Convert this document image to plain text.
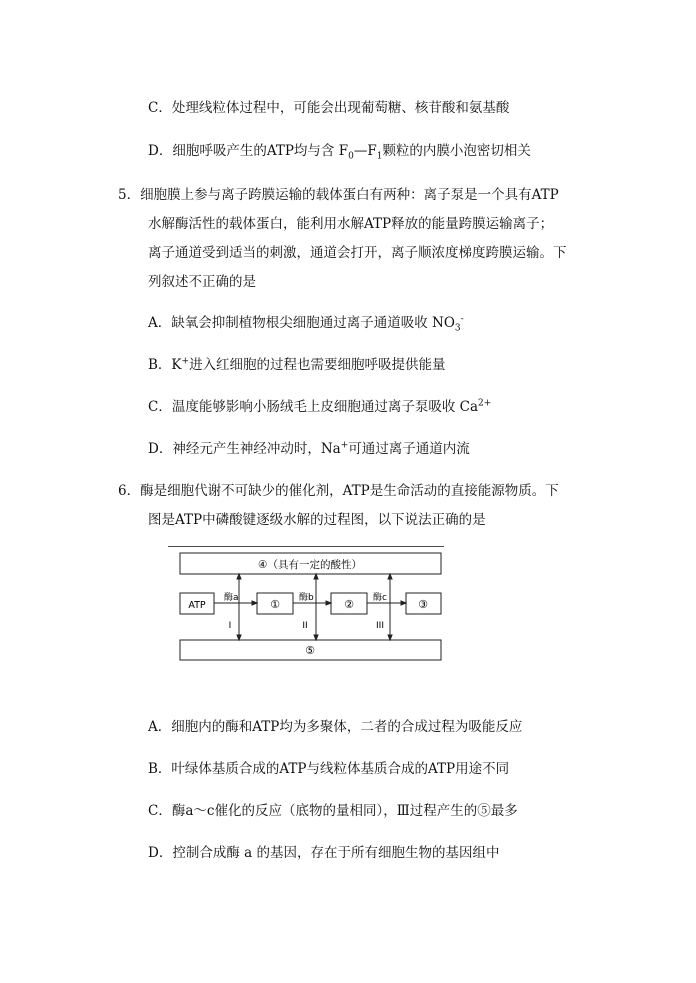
C．处理线粒体过程中，可能会出现葡萄糖、核苷酸和氨基酸
D．细胞呼吸产生的ATP均与含 $F_0—F_1$颗粒的内膜小泡密切相关
5．细胞膜上参与离子跨膜运输的载体蛋白有两种：离子泵是一个具有ATP
水解酶活性的载体蛋白，能利用水解ATP释放的能量跨膜运输离子；
离子通道受到适当的刺激，通道会打开，离子顺浓度梯度跨膜运输。下
列叙述不正确的是
A．缺氧会抑制植物根尖细胞通过离子通道吸收 $NO_3^-$
B．K+进入红细胞的过程也需要细胞呼吸提供能量
C．温度能够影响小肠绒毛上皮细胞通过离子泵吸收 $Ca^{2+}$
D．神经元产生神经冲动时，Na+可通过离子通道内流
6．酶是细胞代谢不可缺少的催化剂，ATP是生命活动的直接能源物质。下
图是ATP中磷酸键逐级水解的过程图，以下说法正确的是
④（具有一定的酸性）
⑤
ATP	①	②	③
酶a	酶b	酶c
I	II	III
A．细胞内的酶和ATP均为多聚体，二者的合成过程为吸能反应
B．叶绿体基质合成的ATP与线粒体基质合成的ATP用途不同
C．酶a～c催化的反应（底物的量相同），Ⅲ过程产生的⑤最多
D．控制合成酶 a 的基因，存在于所有细胞生物的基因组中
